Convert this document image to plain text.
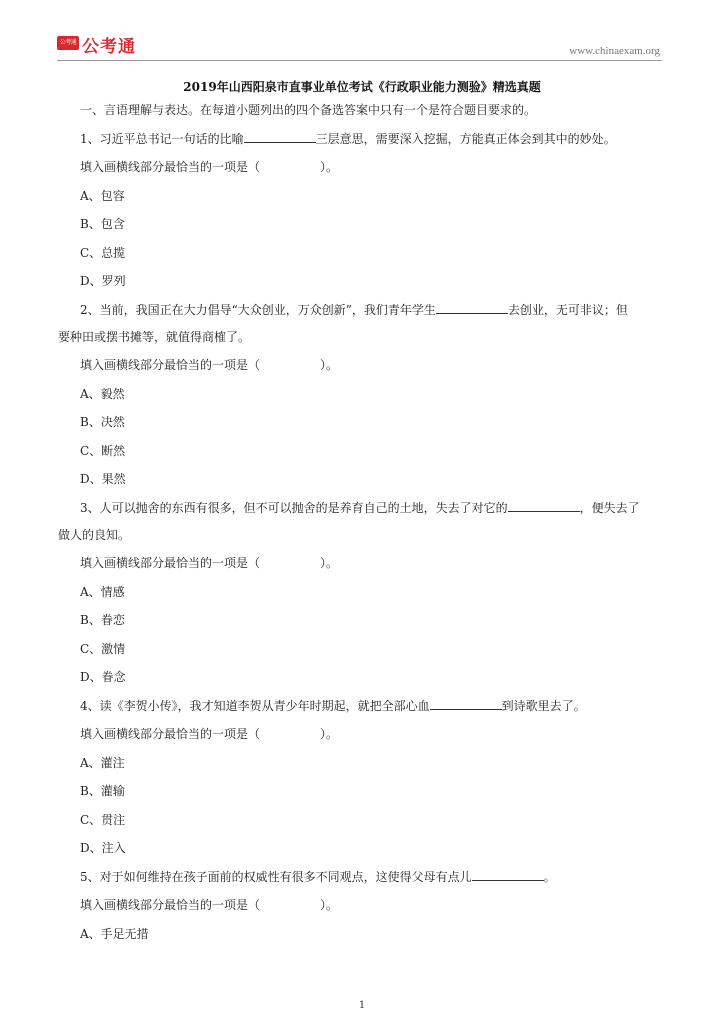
公考通 公考通	www.chinaexam.org
2019年山西阳泉市直事业单位考试《行政职业能力测验》精选真题
一、言语理解与表达。在每道小题列出的四个备选答案中只有一个是符合题目要求的。
1、习近平总书记一句话的比喻	三层意思，需要深入挖掘，方能真正体会到其中的妙处。
填入画横线部分最恰当的一项是（　　　　　）。
A、包容
B、包含
C、总揽
D、罗列
2、当前，我国正在大力倡导“大众创业，万众创新”，我们青年学生	去创业，无可非议；但
要种田或摆书摊等，就值得商榷了。
填入画横线部分最恰当的一项是（　　　　　）。
A、毅然
B、决然
C、断然
D、果然
3、人可以抛舍的东西有很多，但不可以抛舍的是养育自己的土地，失去了对它的	，便失去了
做人的良知。
填入画横线部分最恰当的一项是（　　　　　）。
A、情感
B、眷恋
C、激情
D、眷念
4、读《李贺小传》，我才知道李贺从青少年时期起，就把全部心血	到诗歌里去了。
填入画横线部分最恰当的一项是（　　　　　）。
A、灌注
B、灌输
C、贯注
D、注入
5、对于如何维持在孩子面前的权威性有很多不同观点，这使得父母有点儿	。
填入画横线部分最恰当的一项是（　　　　　）。
A、手足无措
1
